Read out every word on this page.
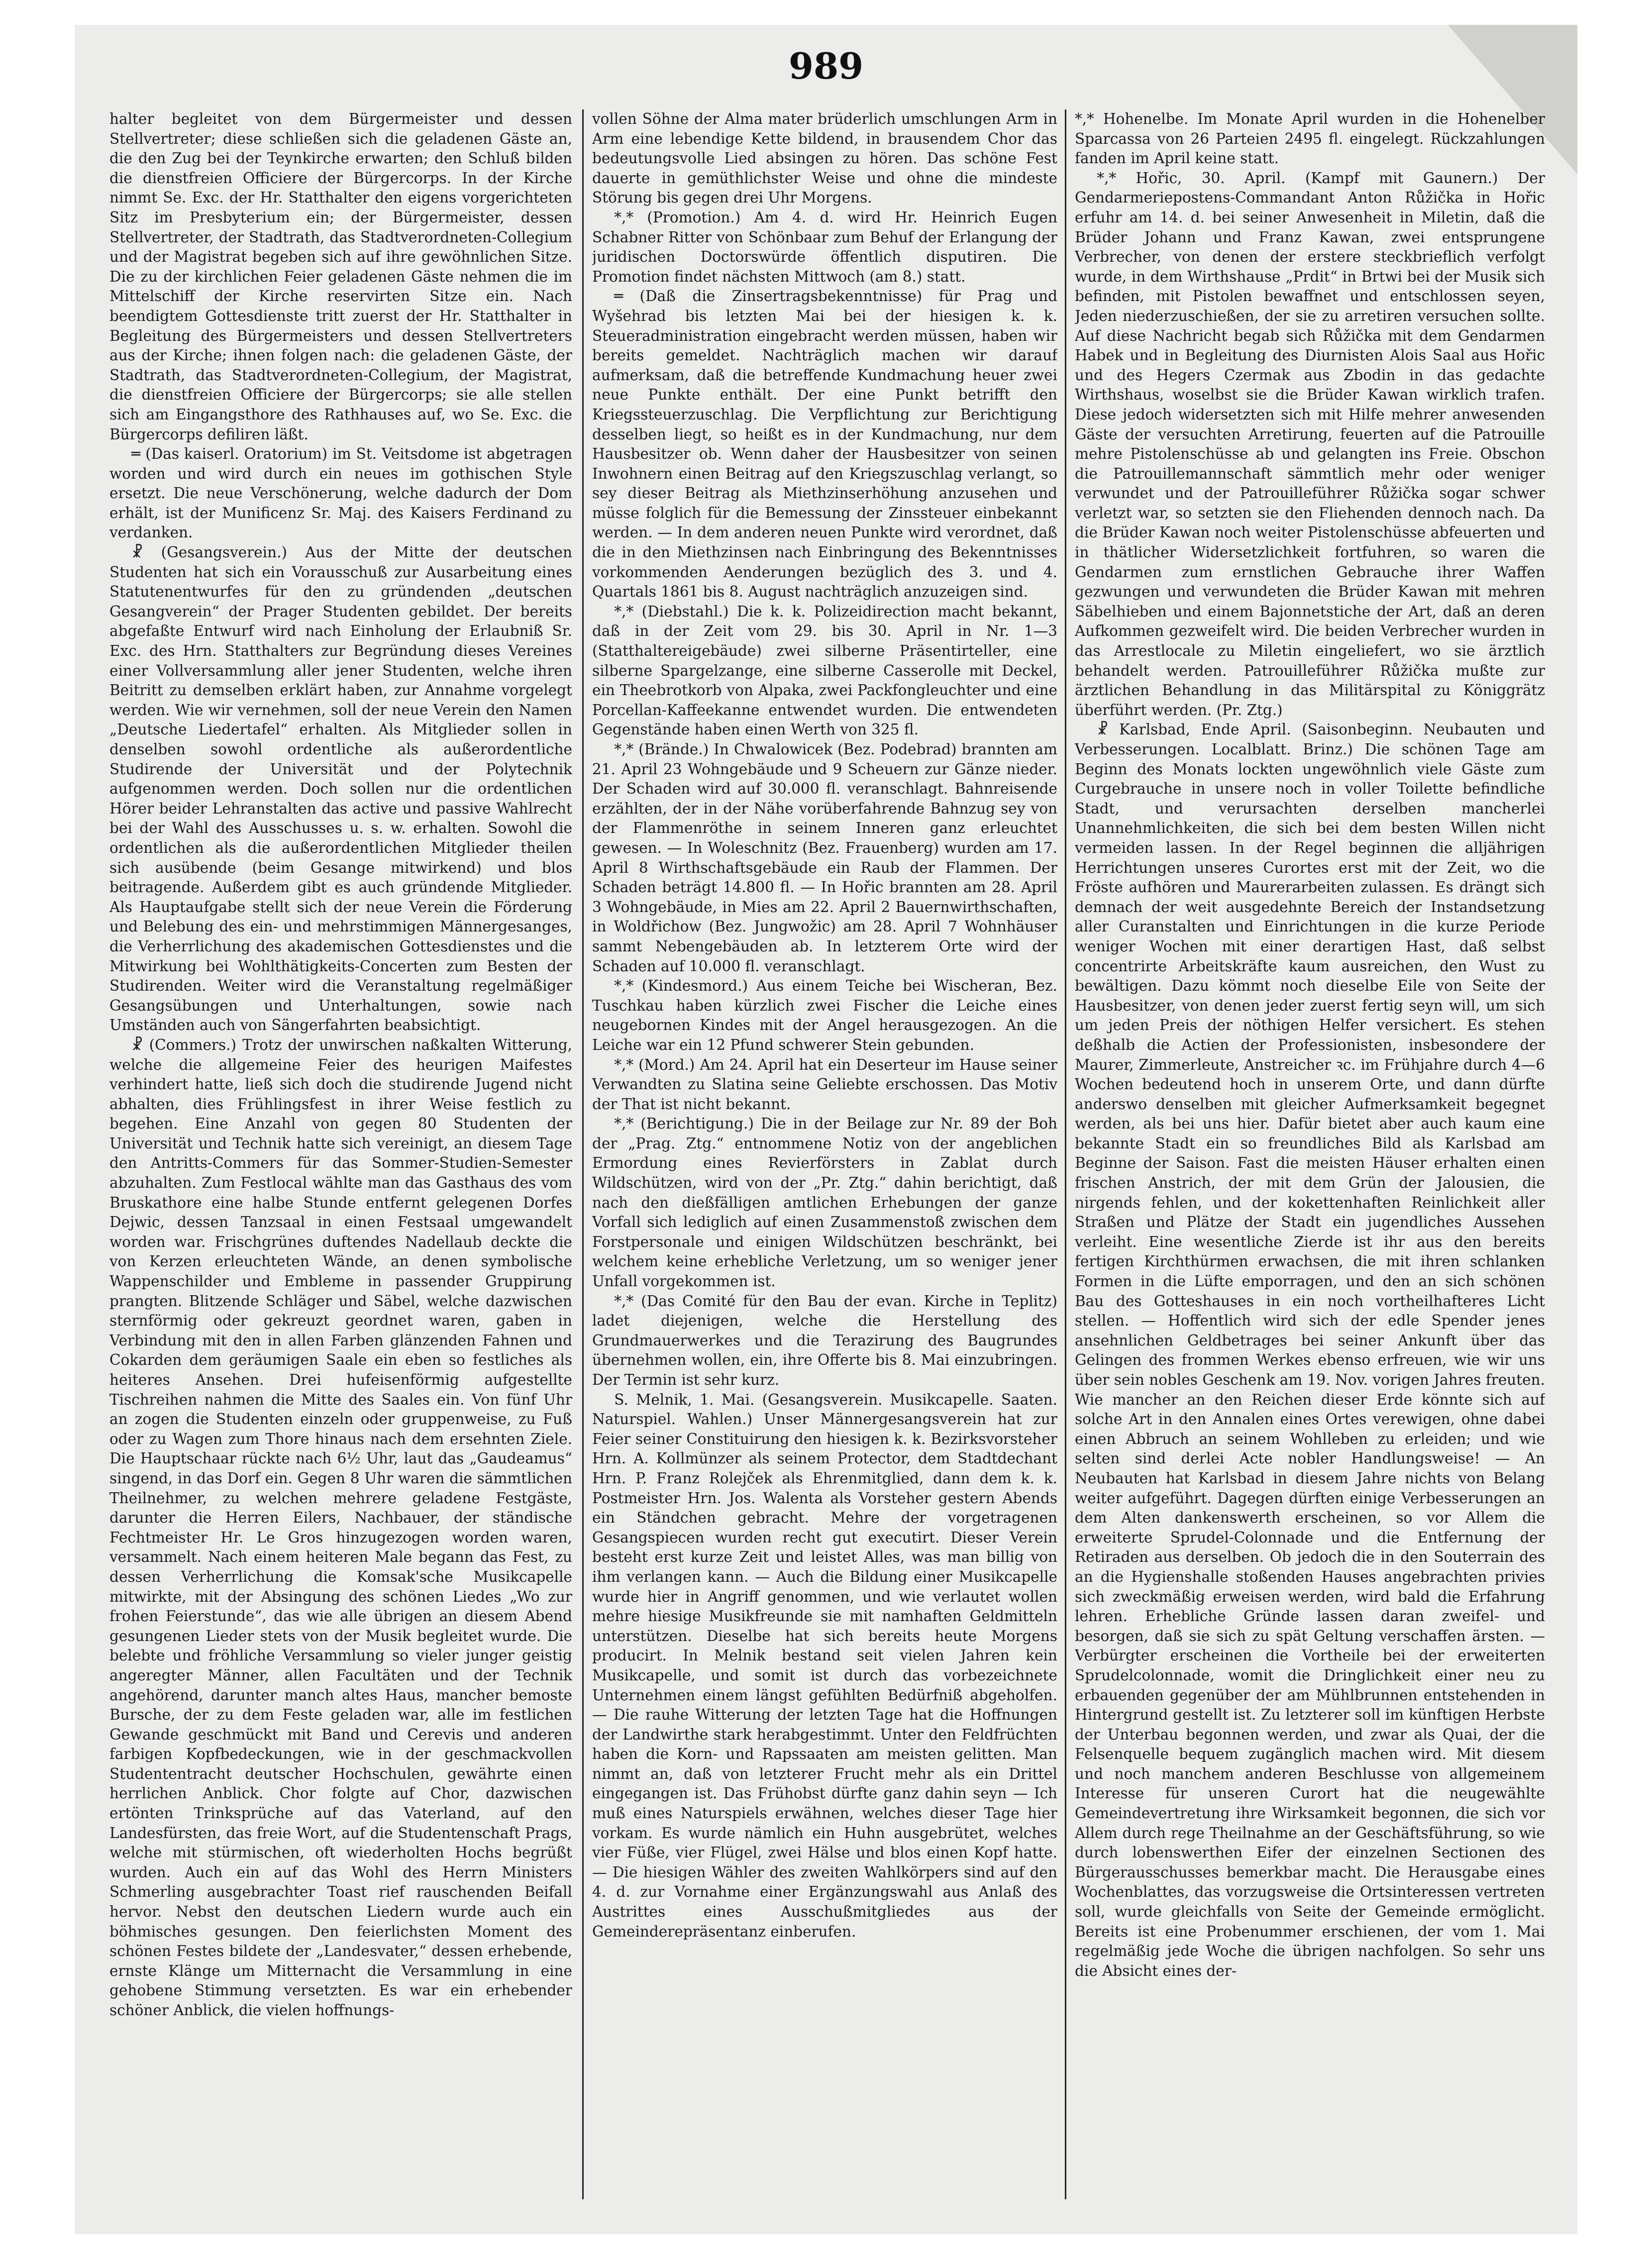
989

halter begleitet von dem Bürgermeister und dessen Stellvertreter; diese schließen sich die geladenen Gäste an, die den Zug bei der Teynkirche erwarten; den Schluß bilden die dienstfreien Officiere der Bürgercorps. In der Kirche nimmt Se. Exc. der Hr. Statthalter den eigens vorgerichteten Sitz im Presbyterium ein; der Bürgermeister, dessen Stellvertreter, der Stadtrath, das Stadtverordneten-Collegium und der Magistrat begeben sich auf ihre gewöhnlichen Sitze. Die zu der kirchlichen Feier geladenen Gäste nehmen die im Mittelschiff der Kirche reservirten Sitze ein. Nach beendigtem Gottesdienste tritt zuerst der Hr. Statthalter in Begleitung des Bürgermeisters und dessen Stellvertreters aus der Kirche; ihnen folgen nach: die geladenen Gäste, der Stadtrath, das Stadtverordneten-Collegium, der Magistrat, die dienstfreien Officiere der Bürgercorps; sie alle stellen sich am Eingangsthore des Rathhauses auf, wo Se. Exc. die Bürgercorps defiliren läßt.

═ (Das kaiserl. Oratorium) im St. Veitsdome ist abgetragen worden und wird durch ein neues im gothischen Style ersetzt. Die neue Verschönerung, welche dadurch der Dom erhält, ist der Munificenz Sr. Maj. des Kaisers Ferdinand zu verdanken.

☧ (Gesangsverein.) Aus der Mitte der deutschen Studenten hat sich ein Vorausschuß zur Ausarbeitung eines Statutenentwurfes für den zu gründenden „deutschen Gesangverein“ der Prager Studenten gebildet. Der bereits abgefaßte Entwurf wird nach Einholung der Erlaubniß Sr. Exc. des Hrn. Statthalters zur Begründung dieses Vereines einer Vollversammlung aller jener Studenten, welche ihren Beitritt zu demselben erklärt haben, zur Annahme vorgelegt werden. Wie wir vernehmen, soll der neue Verein den Namen „Deutsche Liedertafel“ erhalten. Als Mitglieder sollen in denselben sowohl ordentliche als außerordentliche Studirende der Universität und der Polytechnik aufgenommen werden. Doch sollen nur die ordentlichen Hörer beider Lehranstalten das active und passive Wahlrecht bei der Wahl des Ausschusses u. s. w. erhalten. Sowohl die ordentlichen als die außerordentlichen Mitglieder theilen sich ausübende (beim Gesange mitwirkend) und blos beitragende. Außerdem gibt es auch gründende Mitglieder. Als Hauptaufgabe stellt sich der neue Verein die Förderung und Belebung des ein- und mehrstimmigen Männergesanges, die Verherrlichung des akademischen Gottesdienstes und die Mitwirkung bei Wohlthätigkeits-Concerten zum Besten der Studirenden. Weiter wird die Veranstaltung regelmäßiger Gesangsübungen und Unterhaltungen, sowie nach Umständen auch von Sängerfahrten beabsichtigt.

☧ (Commers.) Trotz der unwirschen naßkalten Witterung, welche die allgemeine Feier des heurigen Maifestes verhindert hatte, ließ sich doch die studirende Jugend nicht abhalten, dies Frühlingsfest in ihrer Weise festlich zu begehen. Eine Anzahl von gegen 80 Studenten der Universität und Technik hatte sich vereinigt, an diesem Tage den Antritts-Commers für das Sommer-Studien-Semester abzuhalten. Zum Festlocal wählte man das Gasthaus des vom Bruskathore eine halbe Stunde entfernt gelegenen Dorfes Dejwic, dessen Tanzsaal in einen Festsaal umgewandelt worden war. Frischgrünes duftendes Nadellaub deckte die von Kerzen erleuchteten Wände, an denen symbolische Wappenschilder und Embleme in passender Gruppirung prangten. Blitzende Schläger und Säbel, welche dazwischen sternförmig oder gekreuzt geordnet waren, gaben in Verbindung mit den in allen Farben glänzenden Fahnen und Cokarden dem geräumigen Saale ein eben so festliches als heiteres Ansehen. Drei hufeisenförmig aufgestellte Tischreihen nahmen die Mitte des Saales ein. Von fünf Uhr an zogen die Studenten einzeln oder gruppenweise, zu Fuß oder zu Wagen zum Thore hinaus nach dem ersehnten Ziele. Die Hauptschaar rückte nach 6½ Uhr, laut das „Gaudeamus“ singend, in das Dorf ein. Gegen 8 Uhr waren die sämmtlichen Theilnehmer, zu welchen mehrere geladene Festgäste, darunter die Herren Eilers, Nachbauer, der ständische Fechtmeister Hr. Le Gros hinzugezogen worden waren, versammelt. Nach einem heiteren Male begann das Fest, zu dessen Verherrlichung die Komsak'sche Musikcapelle mitwirkte, mit der Absingung des schönen Liedes „Wo zur frohen Feierstunde“, das wie alle übrigen an diesem Abend gesungenen Lieder stets von der Musik begleitet wurde. Die belebte und fröhliche Versammlung so vieler junger geistig angeregter Männer, allen Facultäten und der Technik angehörend, darunter manch altes Haus, mancher bemoste Bursche, der zu dem Feste geladen war, alle im festlichen Gewande geschmückt mit Band und Cerevis und anderen farbigen Kopfbedeckungen, wie in der geschmackvollen Studententracht deutscher Hochschulen, gewährte einen herrlichen Anblick. Chor folgte auf Chor, dazwischen ertönten Trinksprüche auf das Vaterland, auf den Landesfürsten, das freie Wort, auf die Studentenschaft Prags, welche mit stürmischen, oft wiederholten Hochs begrüßt wurden. Auch ein auf das Wohl des Herrn Ministers Schmerling ausgebrachter Toast rief rauschenden Beifall hervor. Nebst den deutschen Liedern wurde auch ein böhmisches gesungen. Den feierlichsten Moment des schönen Festes bildete der „Landesvater,“ dessen erhebende, ernste Klänge um Mitternacht die Versammlung in eine gehobene Stimmung versetzten. Es war ein erhebender schöner Anblick, die vielen hoffnungs-

vollen Söhne der Alma mater brüderlich umschlungen Arm in Arm eine lebendige Kette bildend, in brausendem Chor das bedeutungsvolle Lied absingen zu hören. Das schöne Fest dauerte in gemüthlichster Weise und ohne die mindeste Störung bis gegen drei Uhr Morgens.

*,* (Promotion.) Am 4. d. wird Hr. Heinrich Eugen Schabner Ritter von Schönbaar zum Behuf der Erlangung der juridischen Doctorswürde öffentlich disputiren. Die Promotion findet nächsten Mittwoch (am 8.) statt.

═ (Daß die Zinsertragsbekenntnisse) für Prag und Wyšehrad bis letzten Mai bei der hiesigen k. k. Steueradministration eingebracht werden müssen, haben wir bereits gemeldet. Nachträglich machen wir darauf aufmerksam, daß die betreffende Kundmachung heuer zwei neue Punkte enthält. Der eine Punkt betrifft den Kriegssteuerzuschlag. Die Verpflichtung zur Berichtigung desselben liegt, so heißt es in der Kundmachung, nur dem Hausbesitzer ob. Wenn daher der Hausbesitzer von seinen Inwohnern einen Beitrag auf den Kriegszuschlag verlangt, so sey dieser Beitrag als Miethzinserhöhung anzusehen und müsse folglich für die Bemessung der Zinssteuer einbekannt werden. — In dem anderen neuen Punkte wird verordnet, daß die in den Miethzinsen nach Einbringung des Bekenntnisses vorkommenden Aenderungen bezüglich des 3. und 4. Quartals 1861 bis 8. August nachträglich anzuzeigen sind.

*,* (Diebstahl.) Die k. k. Polizeidirection macht bekannt, daß in der Zeit vom 29. bis 30. April in Nr. 1—3 (Statthaltereigebäude) zwei silberne Präsentirteller, eine silberne Spargelzange, eine silberne Casserolle mit Deckel, ein Theebrotkorb von Alpaka, zwei Packfongleuchter und eine Porcellan-Kaffeekanne entwendet wurden. Die entwendeten Gegenstände haben einen Werth von 325 fl.

*,* (Brände.) In Chwalowicek (Bez. Podebrad) brannten am 21. April 23 Wohngebäude und 9 Scheuern zur Gänze nieder. Der Schaden wird auf 30.000 fl. veranschlagt. Bahnreisende erzählten, der in der Nähe vorüberfahrende Bahnzug sey von der Flammenröthe in seinem Inneren ganz erleuchtet gewesen. — In Woleschnitz (Bez. Frauenberg) wurden am 17. April 8 Wirthschaftsgebäude ein Raub der Flammen. Der Schaden beträgt 14.800 fl. — In Hořic brannten am 28. April 3 Wohngebäude, in Mies am 22. April 2 Bauernwirthschaften, in Woldřichow (Bez. Jungwožic) am 28. April 7 Wohnhäuser sammt Nebengebäuden ab. In letzterem Orte wird der Schaden auf 10.000 fl. veranschlagt.

*,* (Kindesmord.) Aus einem Teiche bei Wischeran, Bez. Tuschkau haben kürzlich zwei Fischer die Leiche eines neugebornen Kindes mit der Angel herausgezogen. An die Leiche war ein 12 Pfund schwerer Stein gebunden.

*,* (Mord.) Am 24. April hat ein Deserteur im Hause seiner Verwandten zu Slatina seine Geliebte erschossen. Das Motiv der That ist nicht bekannt.

*,* (Berichtigung.) Die in der Beilage zur Nr. 89 der Boh der „Prag. Ztg.“ entnommene Notiz von der angeblichen Ermordung eines Revierförsters in Zablat durch Wildschützen, wird von der „Pr. Ztg.“ dahin berichtigt, daß nach den dießfälligen amtlichen Erhebungen der ganze Vorfall sich lediglich auf einen Zusammenstoß zwischen dem Forstpersonale und einigen Wildschützen beschränkt, bei welchem keine erhebliche Verletzung, um so weniger jener Unfall vorgekommen ist.

*,* (Das Comité für den Bau der evan. Kirche in Teplitz) ladet diejenigen, welche die Herstellung des Grundmauerwerkes und die Terazirung des Baugrundes übernehmen wollen, ein, ihre Offerte bis 8. Mai einzubringen. Der Termin ist sehr kurz.

S. Melnik, 1. Mai. (Gesangsverein. Musikcapelle. Saaten. Naturspiel. Wahlen.) Unser Männergesangsverein hat zur Feier seiner Constituirung den hiesigen k. k. Bezirksvorsteher Hrn. A. Kollmünzer als seinem Protector, dem Stadtdechant Hrn. P. Franz Rolejček als Ehrenmitglied, dann dem k. k. Postmeister Hrn. Jos. Walenta als Vorsteher gestern Abends ein Ständchen gebracht. Mehre der vorgetragenen Gesangspiecen wurden recht gut executirt. Dieser Verein besteht erst kurze Zeit und leistet Alles, was man billig von ihm verlangen kann. — Auch die Bildung einer Musikcapelle wurde hier in Angriff genommen, und wie verlautet wollen mehre hiesige Musikfreunde sie mit namhaften Geldmitteln unterstützen. Dieselbe hat sich bereits heute Morgens producirt. In Melnik bestand seit vielen Jahren kein Musikcapelle, und somit ist durch das vorbezeichnete Unternehmen einem längst gefühlten Bedürfniß abgeholfen. — Die rauhe Witterung der letzten Tage hat die Hoffnungen der Landwirthe stark herabgestimmt. Unter den Feldfrüchten haben die Korn- und Rapssaaten am meisten gelitten. Man nimmt an, daß von letzterer Frucht mehr als ein Drittel eingegangen ist. Das Frühobst dürfte ganz dahin seyn — Ich muß eines Naturspiels erwähnen, welches dieser Tage hier vorkam. Es wurde nämlich ein Huhn ausgebrütet, welches vier Füße, vier Flügel, zwei Hälse und blos einen Kopf hatte. — Die hiesigen Wähler des zweiten Wahlkörpers sind auf den 4. d. zur Vornahme einer Ergänzungswahl aus Anlaß des Austrittes eines Ausschußmitgliedes aus der Gemeinderepräsentanz einberufen.

*,* Hohenelbe. Im Monate April wurden in die Hohenelber Sparcassa von 26 Parteien 2495 fl. eingelegt. Rückzahlungen fanden im April keine statt.

*,* Hořic, 30. April. (Kampf mit Gaunern.) Der Gendarmeriepostens-Commandant Anton Růžička in Hořic erfuhr am 14. d. bei seiner Anwesenheit in Miletin, daß die Brüder Johann und Franz Kawan, zwei entsprungene Verbrecher, von denen der erstere steckbrieflich verfolgt wurde, in dem Wirthshause „Prdit“ in Brtwi bei der Musik sich befinden, mit Pistolen bewaffnet und entschlossen seyen, Jeden niederzuschießen, der sie zu arretiren versuchen sollte. Auf diese Nachricht begab sich Růžička mit dem Gendarmen Habek und in Begleitung des Diurnisten Alois Saal aus Hořic und des Hegers Czermak aus Zbodin in das gedachte Wirthshaus, woselbst sie die Brüder Kawan wirklich trafen. Diese jedoch widersetzten sich mit Hilfe mehrer anwesenden Gäste der versuchten Arretirung, feuerten auf die Patrouille mehre Pistolenschüsse ab und gelangten ins Freie. Obschon die Patrouillemannschaft sämmtlich mehr oder weniger verwundet und der Patrouilleführer Růžička sogar schwer verletzt war, so setzten sie den Fliehenden dennoch nach. Da die Brüder Kawan noch weiter Pistolenschüsse abfeuerten und in thätlicher Widersetzlichkeit fortfuhren, so waren die Gendarmen zum ernstlichen Gebrauche ihrer Waffen gezwungen und verwundeten die Brüder Kawan mit mehren Säbelhieben und einem Bajonnetstiche der Art, daß an deren Aufkommen gezweifelt wird. Die beiden Verbrecher wurden in das Arrestlocale zu Miletin eingeliefert, wo sie ärztlich behandelt werden. Patrouilleführer Růžička mußte zur ärztlichen Behandlung in das Militärspital zu Königgrätz überführt werden. (Pr. Ztg.)

☧ Karlsbad, Ende April. (Saisonbeginn. Neubauten und Verbesserungen. Localblatt. Brinz.) Die schönen Tage am Beginn des Monats lockten ungewöhnlich viele Gäste zum Curgebrauche in unsere noch in voller Toilette befindliche Stadt, und verursachten derselben mancherlei Unannehmlichkeiten, die sich bei dem besten Willen nicht vermeiden lassen. In der Regel beginnen die alljährigen Herrichtungen unseres Curortes erst mit der Zeit, wo die Fröste aufhören und Maurerarbeiten zulassen. Es drängt sich demnach der weit ausgedehnte Bereich der Instandsetzung aller Curanstalten und Einrichtungen in die kurze Periode weniger Wochen mit einer derartigen Hast, daß selbst concentrirte Arbeitskräfte kaum ausreichen, den Wust zu bewältigen. Dazu kömmt noch dieselbe Eile von Seite der Hausbesitzer, von denen jeder zuerst fertig seyn will, um sich um jeden Preis der nöthigen Helfer versichert. Es stehen deßhalb die Actien der Professionisten, insbesondere der Maurer, Zimmerleute, Anstreicher ꝛc. im Frühjahre durch 4—6 Wochen bedeutend hoch in unserem Orte, und dann dürfte anderswo denselben mit gleicher Aufmerksamkeit begegnet werden, als bei uns hier. Dafür bietet aber auch kaum eine bekannte Stadt ein so freundliches Bild als Karlsbad am Beginne der Saison. Fast die meisten Häuser erhalten einen frischen Anstrich, der mit dem Grün der Jalousien, die nirgends fehlen, und der kokettenhaften Reinlichkeit aller Straßen und Plätze der Stadt ein jugendliches Aussehen verleiht. Eine wesentliche Zierde ist ihr aus den bereits fertigen Kirchthürmen erwachsen, die mit ihren schlanken Formen in die Lüfte emporragen, und den an sich schönen Bau des Gotteshauses in ein noch vortheilhafteres Licht stellen. — Hoffentlich wird sich der edle Spender jenes ansehnlichen Geldbetrages bei seiner Ankunft über das Gelingen des frommen Werkes ebenso erfreuen, wie wir uns über sein nobles Geschenk am 19. Nov. vorigen Jahres freuten. Wie mancher an den Reichen dieser Erde könnte sich auf solche Art in den Annalen eines Ortes verewigen, ohne dabei einen Abbruch an seinem Wohlleben zu erleiden; und wie selten sind derlei Acte nobler Handlungsweise! — An Neubauten hat Karlsbad in diesem Jahre nichts von Belang weiter aufgeführt. Dagegen dürften einige Verbesserungen an dem Alten dankenswerth erscheinen, so vor Allem die erweiterte Sprudel-Colonnade und die Entfernung der Retiraden aus derselben. Ob jedoch die in den Souterrain des an die Hygienshalle stoßenden Hauses angebrachten privies sich zweckmäßig erweisen werden, wird bald die Erfahrung lehren. Erhebliche Gründe lassen daran zweifel- und besorgen, daß sie sich zu spät Geltung verschaffen ärsten. — Verbürgter erscheinen die Vortheile bei der erweiterten Sprudelcolonnade, womit die Dringlichkeit einer neu zu erbauenden gegenüber der am Mühlbrunnen entstehenden in Hintergrund gestellt ist. Zu letzterer soll im künftigen Herbste der Unterbau begonnen werden, und zwar als Quai, der die Felsenquelle bequem zugänglich machen wird. Mit diesem und noch manchem anderen Beschlusse von allgemeinem Interesse für unseren Curort hat die neugewählte Gemeindevertretung ihre Wirksamkeit begonnen, die sich vor Allem durch rege Theilnahme an der Geschäftsführung, so wie durch lobenswerthen Eifer der einzelnen Sectionen des Bürgerausschusses bemerkbar macht. Die Herausgabe eines Wochenblattes, das vorzugsweise die Ortsinteressen vertreten soll, wurde gleichfalls von Seite der Gemeinde ermöglicht. Bereits ist eine Probenummer erschienen, der vom 1. Mai regelmäßig jede Woche die übrigen nachfolgen. So sehr uns die Absicht eines der-
